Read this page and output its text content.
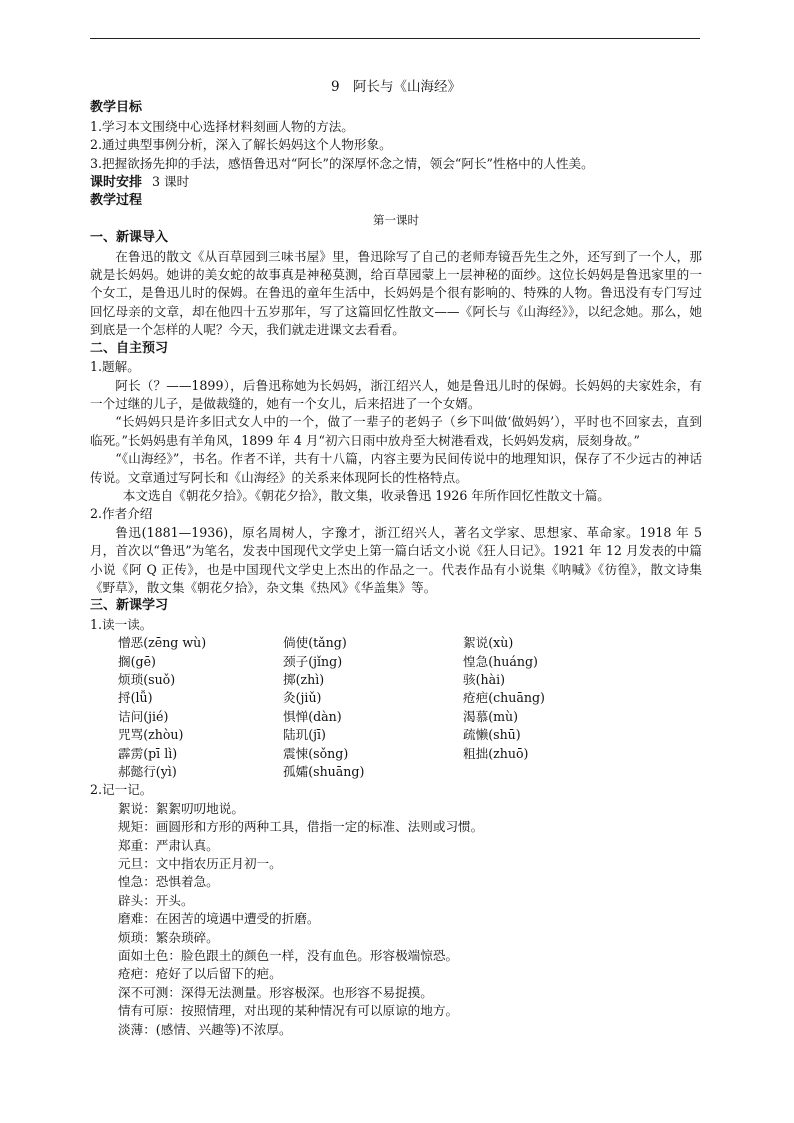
9　阿长与《山海经》
教学目标
1.学习本文围绕中心选择材料刻画人物的方法。
2.通过典型事例分析，深入了解长妈妈这个人物形象。
3.把握欲扬先抑的手法，感悟鲁迅对“阿长”的深厚怀念之情，领会“阿长”性格中的人性美。
课时安排 3 课时
教学过程
第一课时
一、新课导入
在鲁迅的散文《从百草园到三味书屋》里，鲁迅除写了自己的老师寿镜吾先生之外，还写到了一个人，那就是长妈妈。她讲的美女蛇的故事真是神秘莫测，给百草园蒙上一层神秘的面纱。这位长妈妈是鲁迅家里的一个女工，是鲁迅儿时的保姆。在鲁迅的童年生活中，长妈妈是个很有影响的、特殊的人物。鲁迅没有专门写过回忆母亲的文章，却在他四十五岁那年，写了这篇回忆性散文——《阿长与《山海经》》，以纪念她。那么，她到底是一个怎样的人呢？今天，我们就走进课文去看看。
二、自主预习
1.题解。
阿长（？——1899），后鲁迅称她为长妈妈，浙江绍兴人，她是鲁迅儿时的保姆。长妈妈的夫家姓余，有一个过继的儿子，是做裁缝的，她有一个女儿，后来招进了一个女婿。
“长妈妈只是许多旧式女人中的一个，做了一辈子的老妈子（乡下叫做‘做妈妈’），平时也不回家去，直到临死。”长妈妈患有羊角风，1899 年 4 月“初六日雨中放舟至大树港看戏，长妈妈发病，辰刻身故。”
“《山海经》”，书名。作者不详，共有十八篇，内容主要为民间传说中的地理知识，保存了不少远古的神话传说。文章通过写阿长和《山海经》的关系来体现阿长的性格特点。
本文选自《朝花夕拾》。《朝花夕拾》，散文集，收录鲁迅 1926 年所作回忆性散文十篇。
2.作者介绍
鲁迅(1881—1936)，原名周树人，字豫才，浙江绍兴人，著名文学家、思想家、革命家。1918 年 5 月，首次以“鲁迅”为笔名，发表中国现代文学史上第一篇白话文小说《狂人日记》。1921 年 12 月发表的中篇小说《阿 Q 正传》，也是中国现代文学史上杰出的作品之一。代表作品有小说集《呐喊》《彷徨》，散文诗集《野草》，散文集《朝花夕拾》，杂文集《热风》《华盖集》等。
三、新课学习
1.读一读。
憎恶(zēng wù)	倘使(tǎng)	絮说(xù)
搁(gē)	颈子(jǐng)	惶急(huáng)
烦琐(suǒ)	掷(zhì)	骇(hài)
捋(lǚ)	灸(jiǔ)	疮疤(chuāng)
诘问(jié)	惧惮(dàn)	渴慕(mù)
咒骂(zhòu)	陆玑(jī)	疏懒(shū)
霹雳(pī lì)	震悚(sǒng)	粗拙(zhuō)
郝懿行(yì)	孤孀(shuāng)
2.记一记。
絮说：絮絮叨叨地说。
规矩：画圆形和方形的两种工具，借指一定的标准、法则或习惯。
郑重：严肃认真。
元旦：文中指农历正月初一。
惶急：恐惧着急。
辟头：开头。
磨难：在困苦的境遇中遭受的折磨。
烦琐：繁杂琐碎。
面如土色：脸色跟土的颜色一样，没有血色。形容极端惊恐。
疮疤：疮好了以后留下的疤。
深不可测：深得无法测量。形容极深。也形容不易捉摸。
情有可原：按照情理，对出现的某种情况有可以原谅的地方。
淡薄：(感情、兴趣等)不浓厚。
